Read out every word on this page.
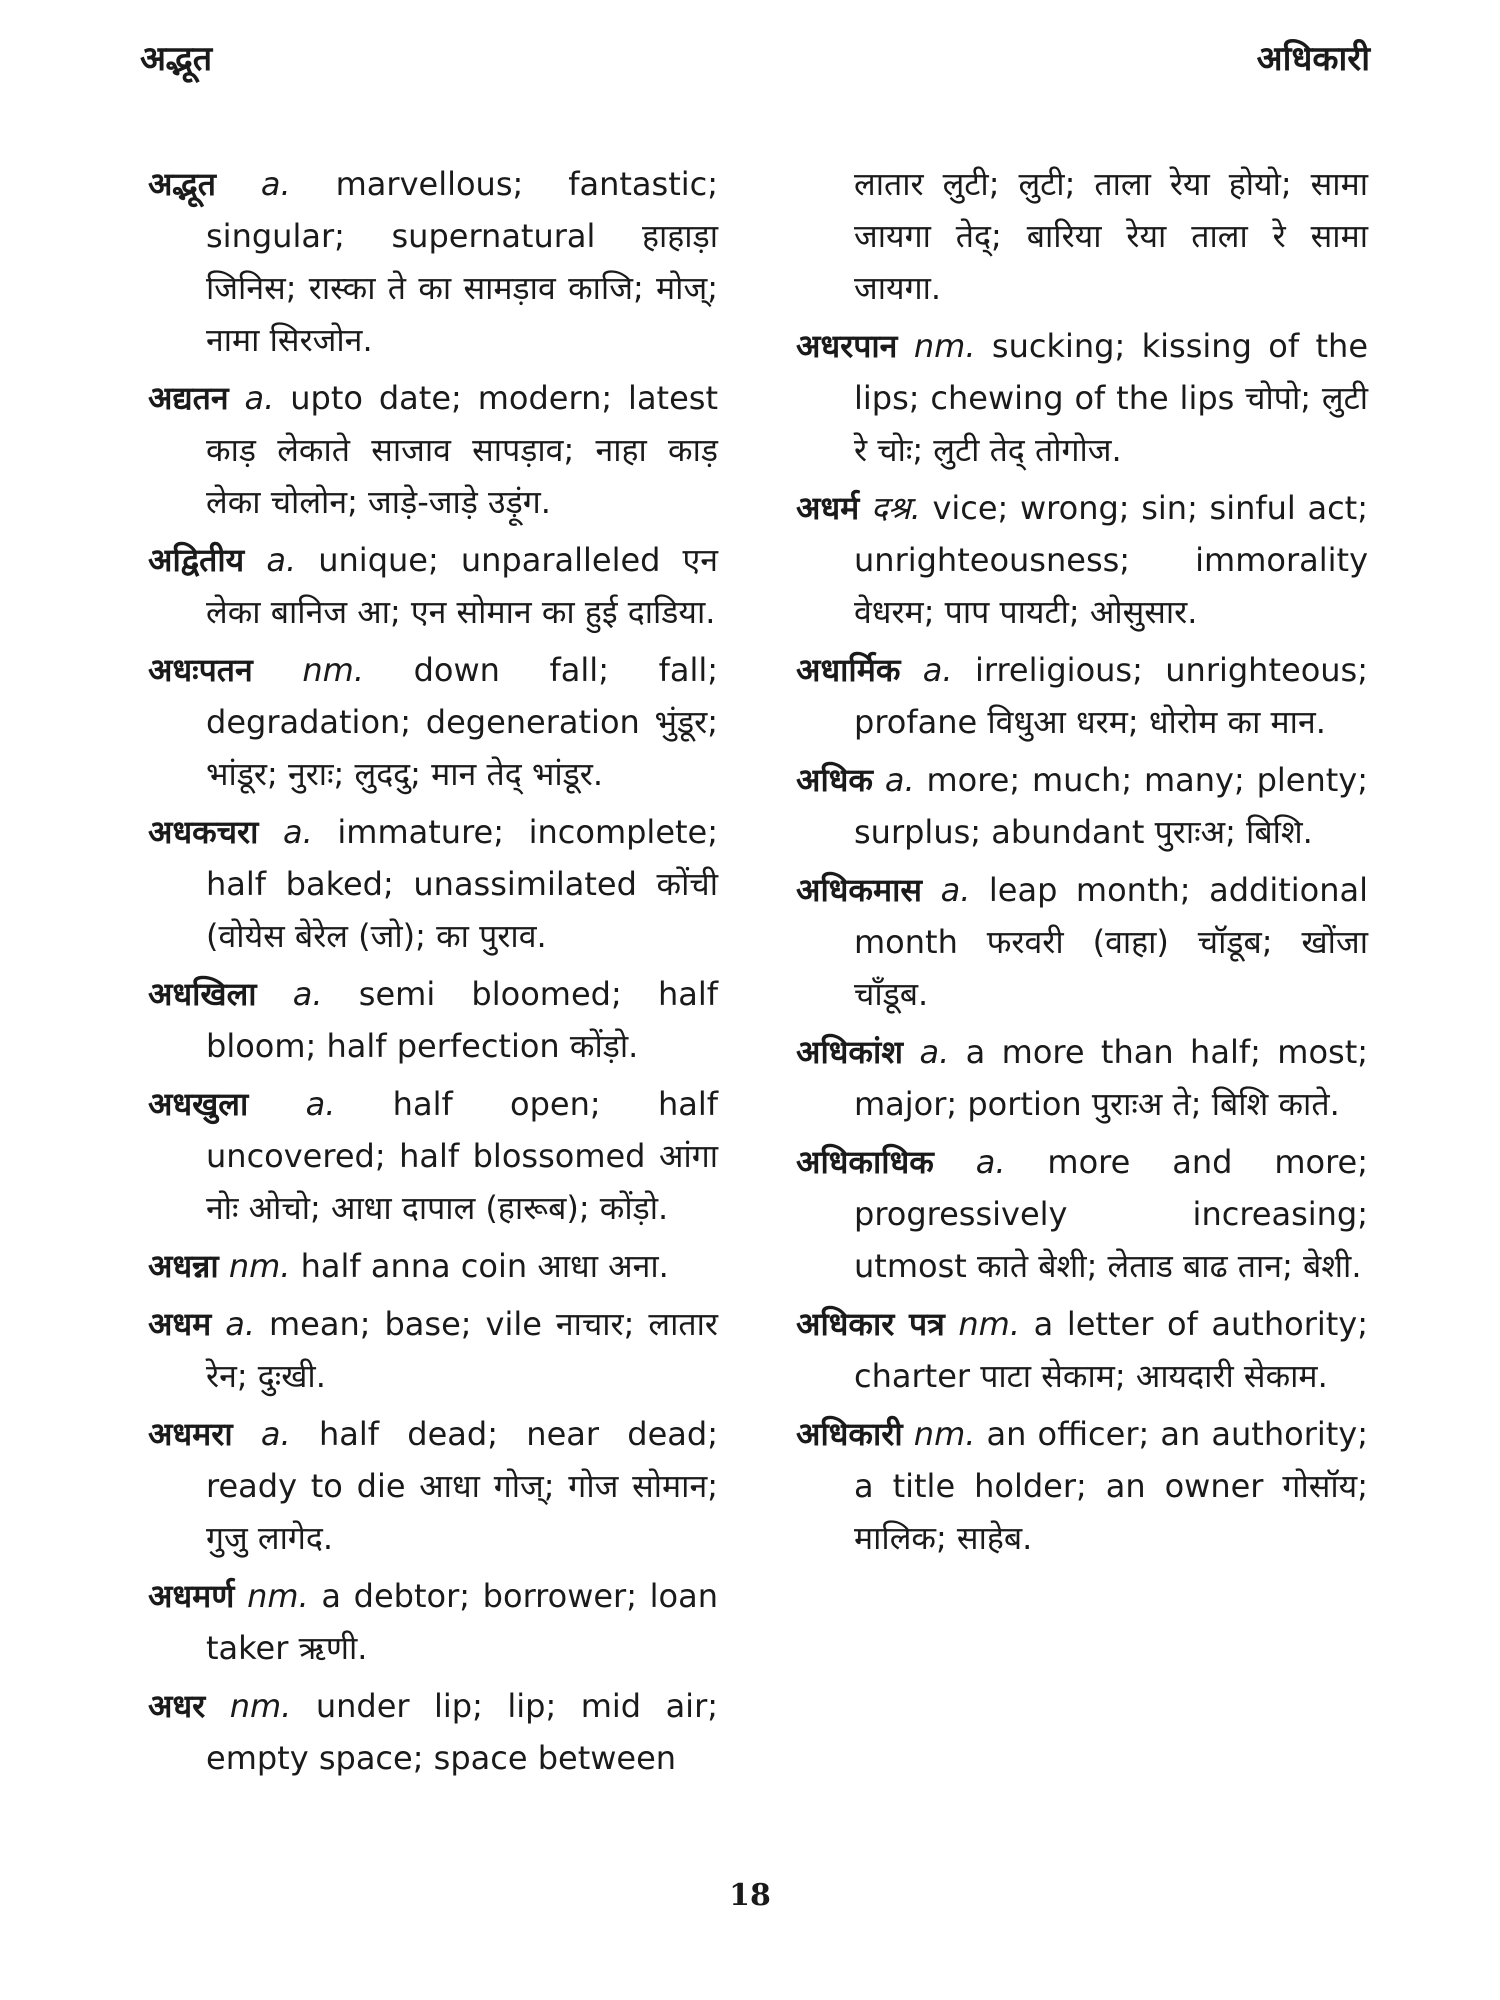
अद्भूत	अधिकारी
अद्भूत a. marvellous; fantastic; singular; supernatural हाहाड़ा जिनिस; रास्का ते का सामड़ाव काजि; मोज्; नामा सिरजोन.
अद्यतन a. upto date; modern; latest काड़ लेकाते साजाव सापड़ाव; नाहा काड़ लेका चोलोन; जाड़े-जाड़े उड़ूंग.
अद्वितीय a. unique; unparalleled एन लेका बानिज आ; एन सोमान का हुई दाडिया.
अधःपतन nm. down fall; fall; degradation; degeneration भुंडूर; भांडूर; नुराः; लुददु; मान तेद् भांडूर.
अधकचरा a. immature; incomplete; half baked; unassimilated कोंची (वोयेस बेरेल (जो); का पुराव.
अधखिला a. semi bloomed; half bloom; half perfection कोंड़ो.
अधखुला a. half open; half uncovered; half blossomed आंगा नोः ओचो; आधा दापाल (हारूब); कोंड़ो.
अधन्ना nm. half anna coin आधा अना.
अधम a. mean; base; vile नाचार; लातार रेन; दुःखी.
अधमरा a. half dead; near dead; ready to die आधा गोज्; गोज सोमान; गुजु लागेद.
अधमर्ण nm. a debtor; borrower; loan taker ऋणी.
अधर nm. under lip; lip; mid air; empty space; space between
लातार लुटी; लुटी; ताला रेया होयो; सामा जायगा तेद्; बारिया रेया ताला रे सामा जायगा.
अधरपान nm. sucking; kissing of the lips; chewing of the lips चोपो; लुटी रे चोः; लुटी तेद् तोगोज.
अधर्म दश्र. vice; wrong; sin; sinful act; unrighteousness; immorality वेधरम; पाप पायटी; ओसुसार.
अधार्मिक a. irreligious; unrighteous; profane विधुआ धरम; धोरोम का मान.
अधिक a. more; much; many; plenty; surplus; abundant पुराःअ; बिशि.
अधिकमास a. leap month; additional month फरवरी (वाहा) चॉडूब; खोंजा चाँडूब.
अधिकांश a. a more than half; most; major; portion पुराःअ ते; बिशि काते.
अधिकाधिक a. more and more; progressively increasing; utmost काते बेशी; लेताड बाढ तान; बेशी.
अधिकार पत्र nm. a letter of authority; charter पाटा सेकाम; आयदारी सेकाम.
अधिकारी nm. an officer; an authority; a title holder; an owner गोसॉय; मालिक; साहेब.
18
